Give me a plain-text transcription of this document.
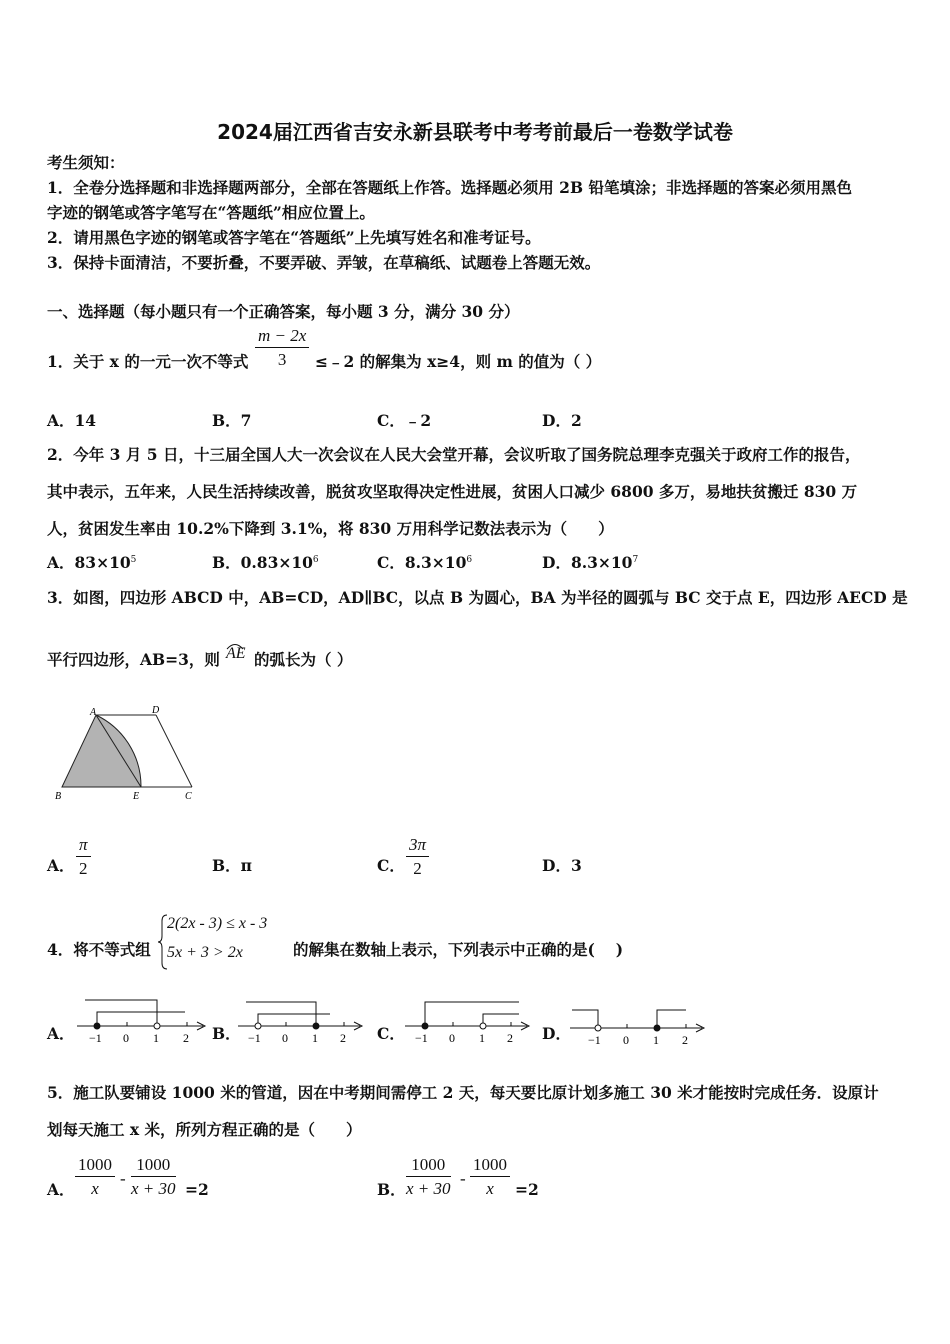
2024届江西省吉安永新县联考中考考前最后一卷数学试卷
考生须知：
1．全卷分选择题和非选择题两部分，全部在答题纸上作答。选择题必须用 2B 铅笔填涂；非选择题的答案必须用黑色
字迹的钢笔或答字笔写在“答题纸”相应位置上。
2．请用黑色字迹的钢笔或答字笔在“答题纸”上先填写姓名和准考证号。
3．保持卡面清洁，不要折叠，不要弄破、弄皱，在草稿纸、试题卷上答题无效。
一、选择题（每小题只有一个正确答案，每小题 3 分，满分 30 分）
1．关于 x 的一元一次不等式 $\frac{m - 2x}{3}$ ≤﹣2 的解集为 x≥4，则 m 的值为（ ）
A．14	B．7	C．﹣2	D．2
2．今年 3 月 5 日，十三届全国人大一次会议在人民大会堂开幕，会议听取了国务院总理李克强关于政府工作的报告，
其中表示，五年来，人民生活持续改善，脱贫攻坚取得决定性进展，贫困人口减少 6800 多万，易地扶贫搬迁 830 万
人，贫困发生率由 10.2%下降到 3.1%，将 830 万用科学记数法表示为（　　）
A．$83\times 10^5$	B．$0.83\times 10^6$	C．$8.3\times 10^6$	D．$8.3\times 10^7$
3．如图，四边形 ABCD 中，AB=CD，AD∥BC，以点 B 为圆心，BA 为半径的圆弧与 BC 交于点 E，四边形 AECD 是
平行四边形，AB=3，则 AE 的弧长为（ ）
A	D
B	E	C
A． $\frac{\pi}{2}$	B．π	C． $\frac{3\pi}{2}$	D．3
4．将不等式组
2(2x - 3) ≤ x - 3
5x + 3 > 2x	的解集在数轴上表示，下列表示中正确的是(　 )
A．	B．	C．	D．
−1 0 1 2	−1 0 1 2	−1 0 1 2	−1 0 1 2
5．施工队要铺设 1000 米的管道，因在中考期间需停工 2 天，每天要比原计划多施工 30 米才能按时完成任务．设原计
划每天施工 x 米，所列方程正确的是（　　）
A． $\frac{1000}{x} - \frac{1000}{x + 30} =2$	B． $\frac{1000}{x + 30} - \frac{1000}{x} =2$
